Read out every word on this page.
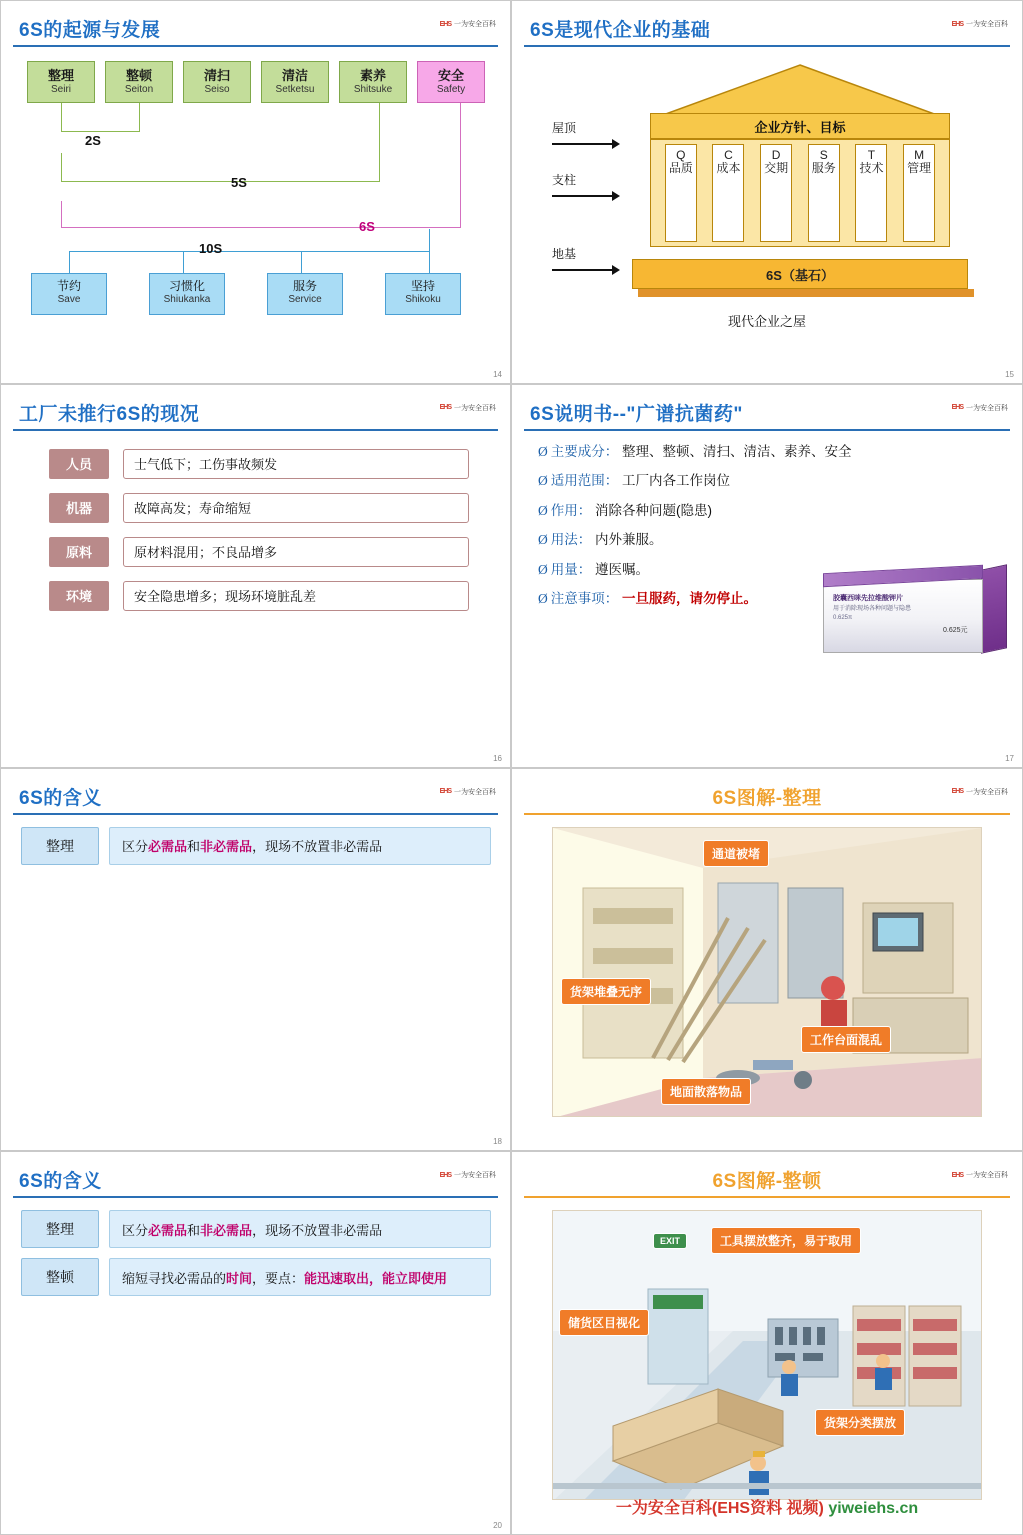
6S的起源与发展	EHS 一为安全百科
整理
Seiri
整顿
Seiton
清扫
Seiso
清洁
Setketsu
素养
Shitsuke
安全
Safety
2S
5S
6S
10S
节约
Save
习惯化
Shiukanka
服务
Service
坚持
Shikoku
14
6S是现代企业的基础	EHS 一为安全百科
企业方针、目标
Q
品质
C
成本
D
交期
S
服务
T
技术
M
管理
6S（基石）
屋顶
支柱
地基
现代企业之屋
15
工厂未推行6S的现况	EHS 一为安全百科
人员	士气低下；工伤事故频发
机器	故障高发；寿命缩短
原料	原材料混用；不良品增多
环境	安全隐患增多；现场环境脏乱差
16
6S说明书--"广谱抗菌药"	EHS 一为安全百科
Ø 主要成分： 整理、整顿、清扫、清洁、素养、安全
Ø 适用范围： 工厂内各工作岗位
Ø 作用： 消除各种问题(隐患)
Ø 用法： 内外兼服。
Ø 用量： 遵医嘱。
Ø 注意事项： 一旦服药，请勿停止。	胶囊西咪先拉维酸钾片
用于消除现场各种问题与隐患
0.625π
0.625元
17
6S的含义	EHS 一为安全百科
整理	区分 必需品 和 非必需品 ，现场不放置非必需品
18
6S图解-整理	EHS 一为安全百科
通道被堵
货架堆叠无序
工作台面混乱
地面散落物品
6S的含义	EHS 一为安全百科
整理	区分 必需品 和 非必需品 ，现场不放置非必需品
整顿	缩短寻找必需品的 时间 ，要点： 能迅速取出，能立即使用
20
6S图解-整顿	EHS 一为安全百科
工具摆放整齐，易于取用
储货区目视化
货架分类摆放
EXIT
一为安全百科(EHS资料 视频) yiweiehs.cn
